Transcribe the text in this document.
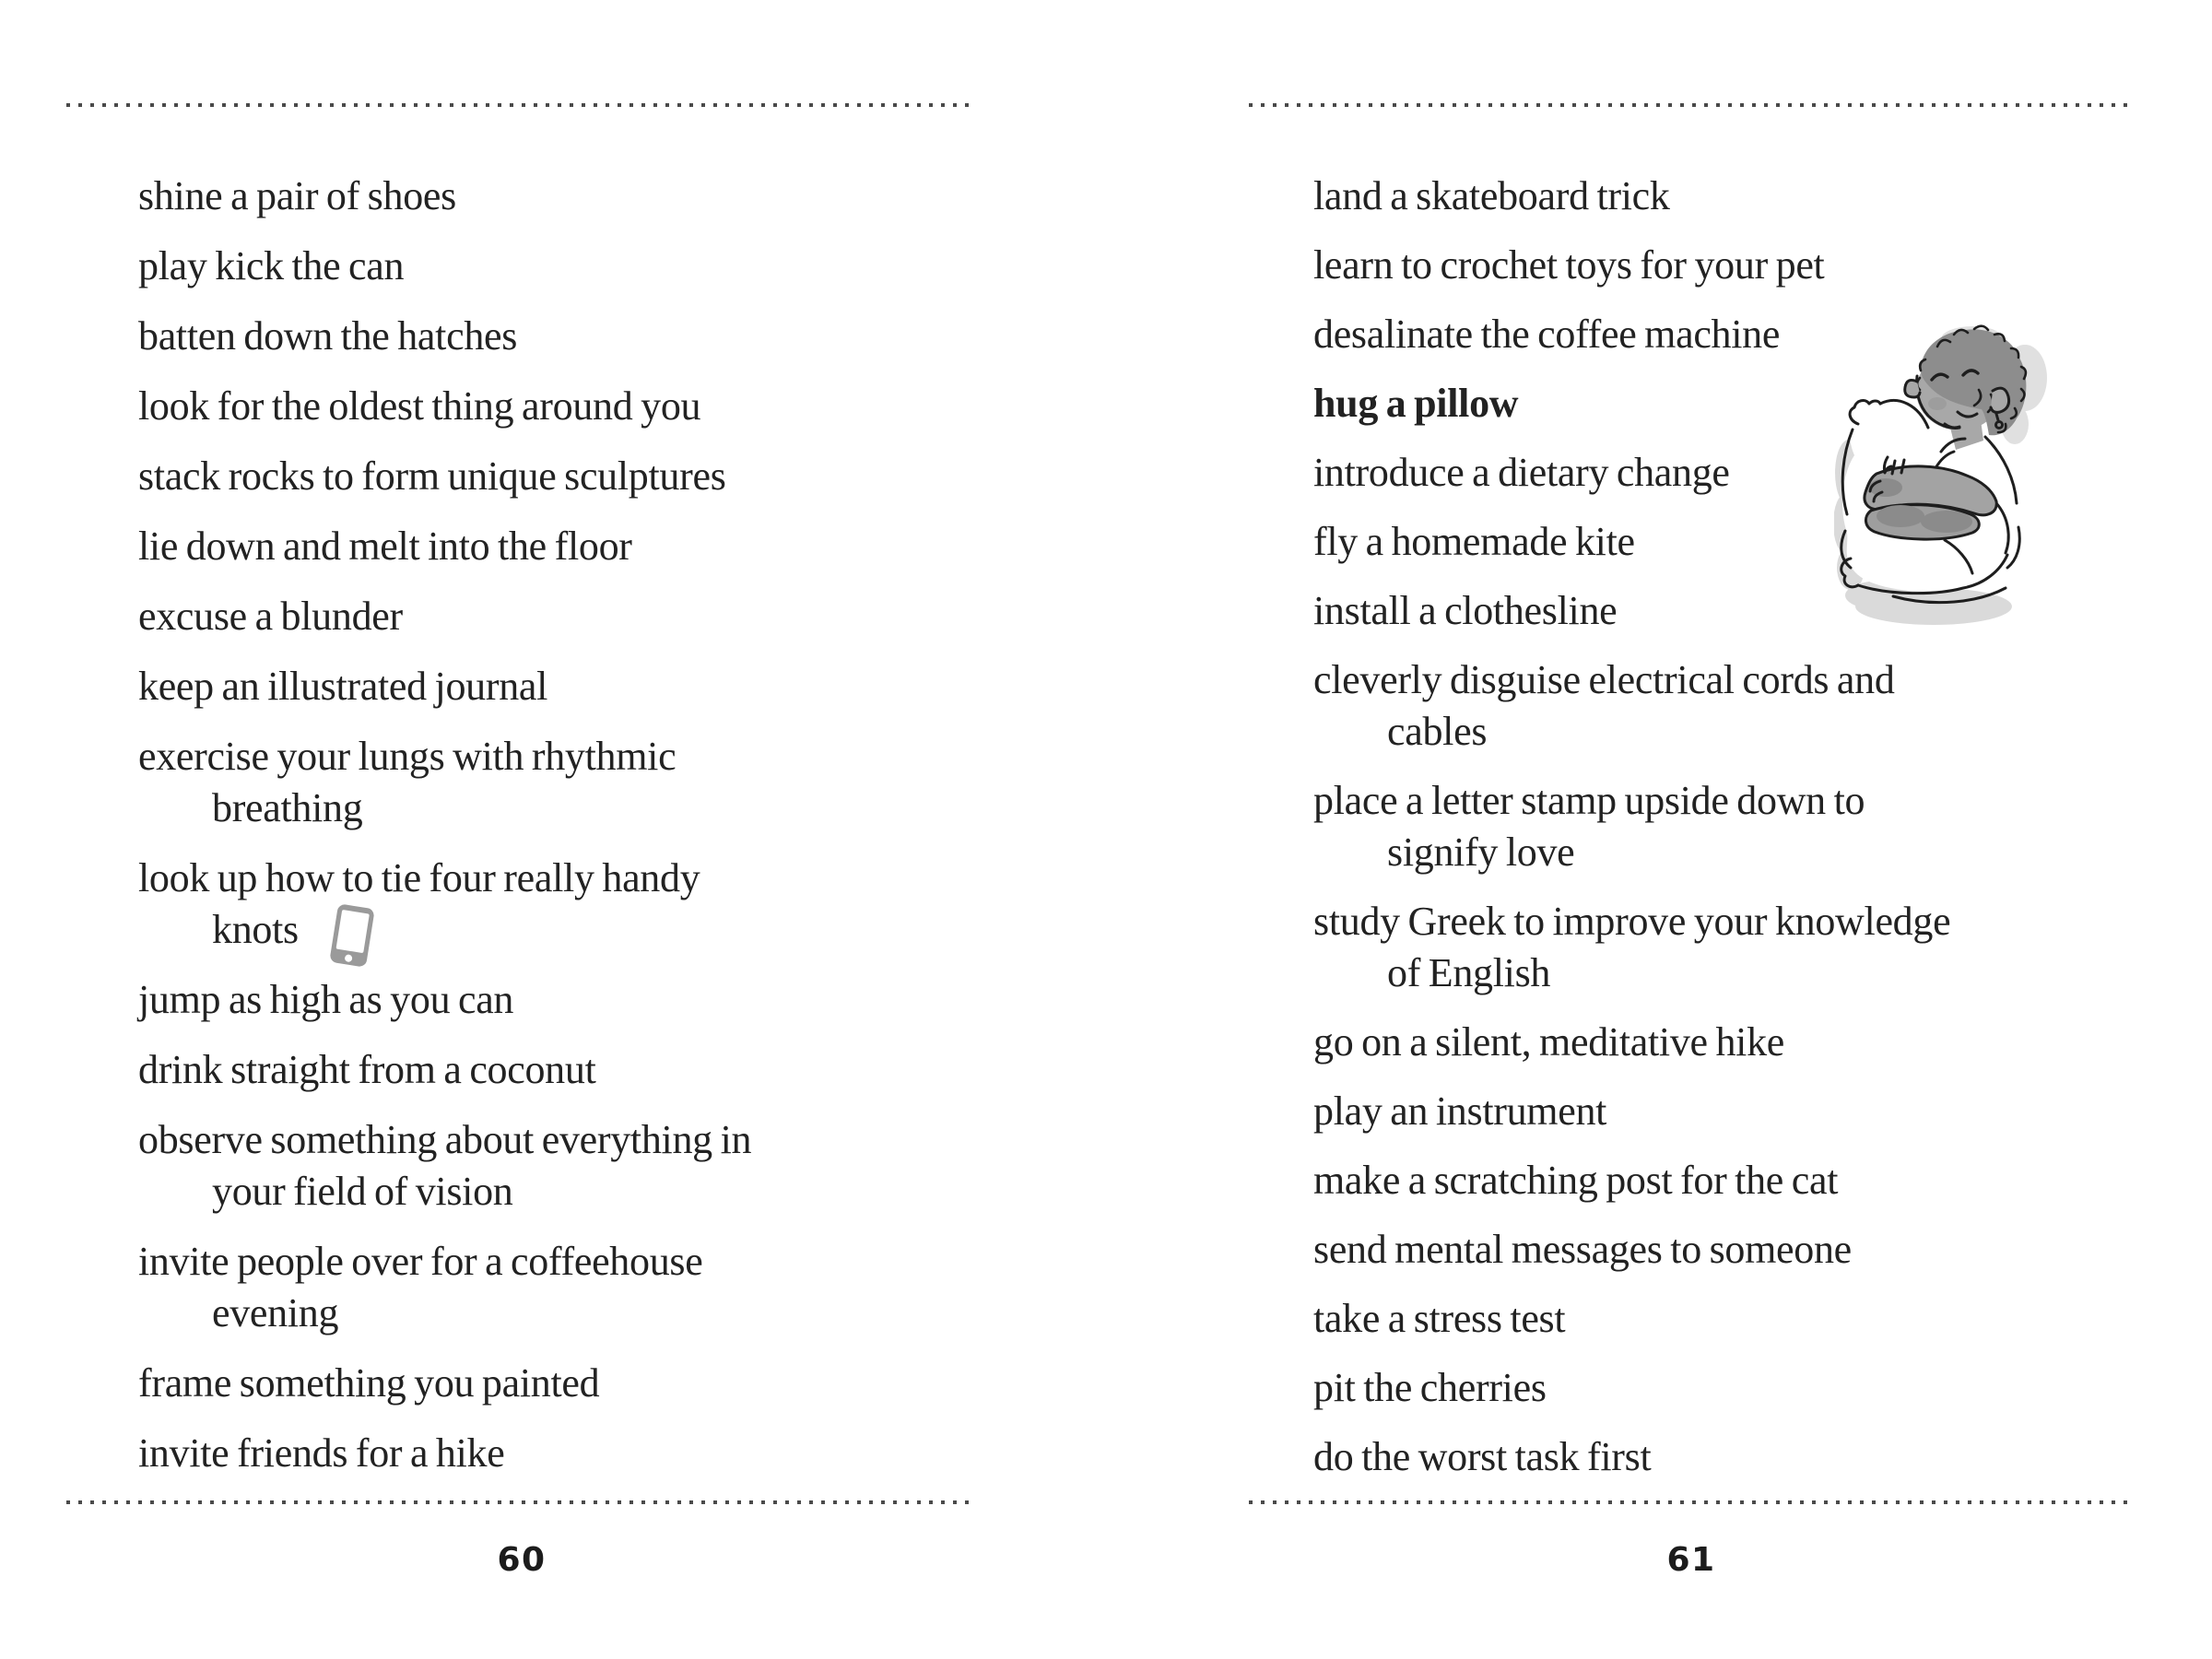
shine a pair of shoes
play kick the can
batten down the hatches
look for the oldest thing around you
stack rocks to form unique sculptures
lie down and melt into the floor
excuse a blunder
keep an illustrated journal
exercise your lungs with rhythmic
breathing
look up how to tie four really handy
knots
jump as high as you can
drink straight from a coconut
observe something about everything in
your field of vision
invite people over for a coffeehouse
evening
frame something you painted
invite friends for a hike
60
land a skateboard trick
learn to crochet toys for your pet
desalinate the coffee machine
hug a pillow
introduce a dietary change
fly a homemade kite
install a clothesline
cleverly disguise electrical cords and
cables
place a letter stamp upside down to
signify love
study Greek to improve your knowledge
of English
go on a silent, meditative hike
play an instrument
make a scratching post for the cat
send mental messages to someone
take a stress test
pit the cherries
do the worst task first
61
